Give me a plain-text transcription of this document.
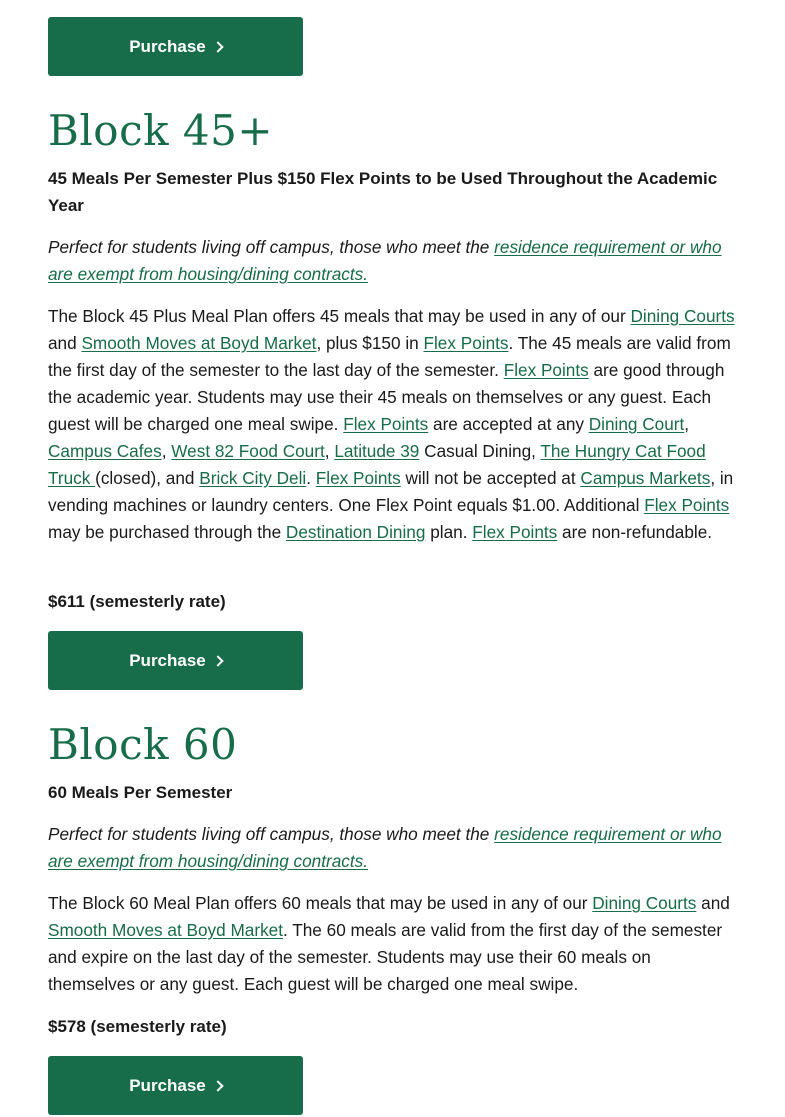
Purchase
Block 45+

45 Meals Per Semester Plus $150 Flex Points to be Used Throughout the Academic Year

Perfect for students living off campus, those who meet the residence requirement or who are exempt from housing/dining contracts.

The Block 45 Plus Meal Plan offers 45 meals that may be used in any of our Dining Courts and Smooth Moves at Boyd Market, plus $150 in Flex Points. The 45 meals are valid from the first day of the semester to the last day of the semester. Flex Points are good through the academic year. Students may use their 45 meals on themselves or any guest. Each guest will be charged one meal swipe. Flex Points are accepted at any Dining Court, Campus Cafes, West 82 Food Court, Latitude 39 Casual Dining, The Hungry Cat Food Truck (closed), and Brick City Deli. Flex Points will not be accepted at Campus Markets, in vending machines or laundry centers. One Flex Point equals $1.00. Additional Flex Points may be purchased through the Destination Dining plan. Flex Points are non-refundable.

$611 (semesterly rate)

Purchase
Block 60

60 Meals Per Semester

Perfect for students living off campus, those who meet the residence requirement or who are exempt from housing/dining contracts.

The Block 60 Meal Plan offers 60 meals that may be used in any of our Dining Courts and Smooth Moves at Boyd Market. The 60 meals are valid from the first day of the semester and expire on the last day of the semester. Students may use their 60 meals on themselves or any guest. Each guest will be charged one meal swipe.

$578 (semesterly rate)

Purchase
